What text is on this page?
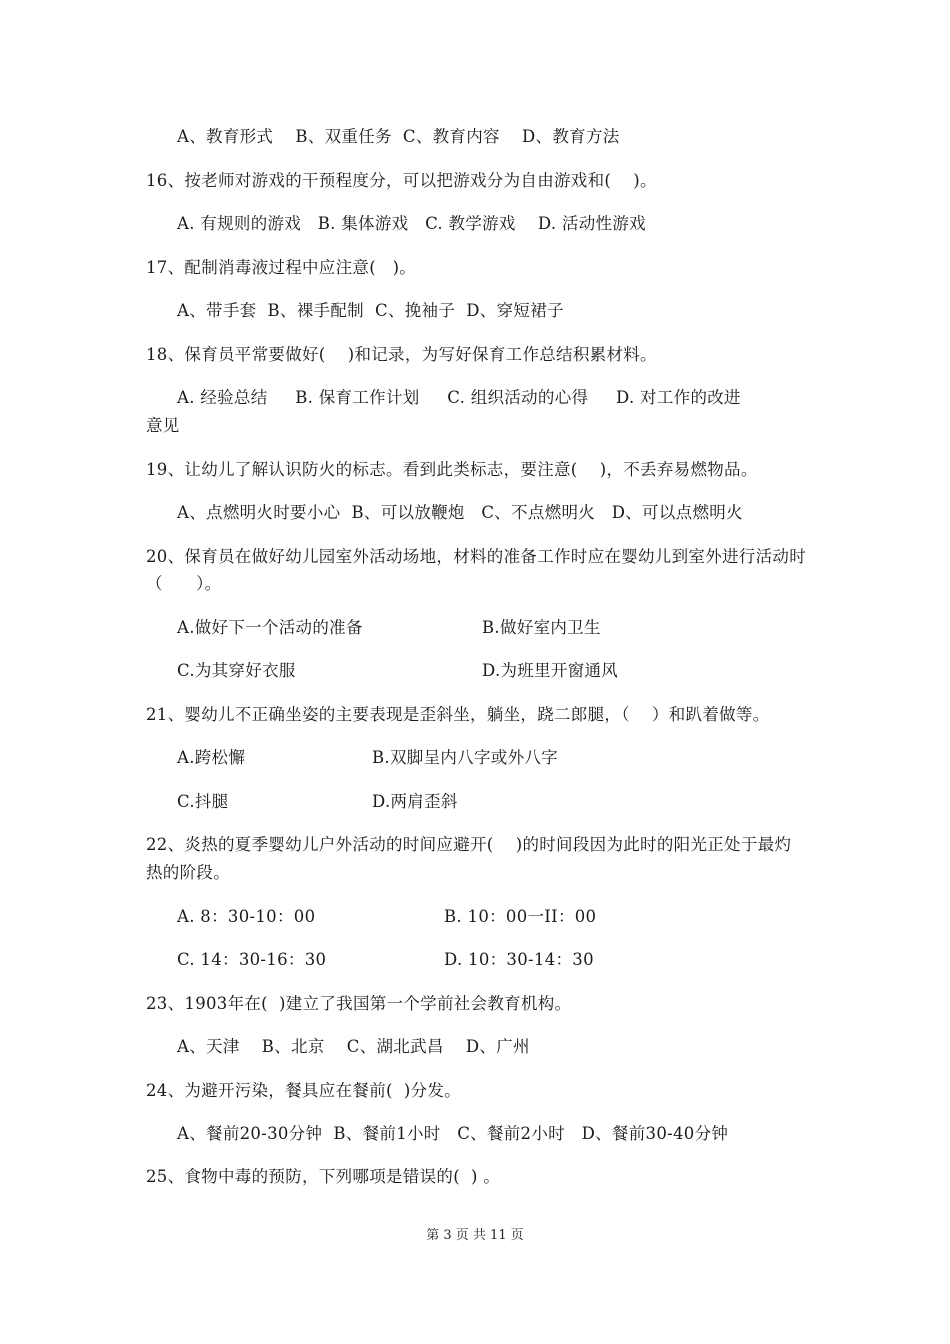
A、教育形式    B、双重任务  C、教育内容    D、教育方法
16、按老师对游戏的干预程度分，可以把游戏分为自由游戏和(    )。
A. 有规则的游戏   B. 集体游戏   C. 教学游戏    D. 活动性游戏
17、配制消毒液过程中应注意(   )。
A、带手套  B、裸手配制  C、挽袖子  D、穿短裙子
18、保育员平常要做好(    )和记录，为写好保育工作总结积累材料。
A. 经验总结     B. 保育工作计划     C. 组织活动的心得     D. 对工作的改进
意见
19、让幼儿了解认识防火的标志。看到此类标志，要注意(    )，不丢弃易燃物品。
A、点燃明火时要小心  B、可以放鞭炮   C、不点燃明火   D、可以点燃明火
20、保育员在做好幼儿园室外活动场地，材料的准备工作时应在婴幼儿到室外进行活动时
（      ）。
A.做好下一个活动的准备	B.做好室内卫生
C.为其穿好衣服	D.为班里开窗通风
21、婴幼儿不正确坐姿的主要表现是歪斜坐，躺坐，跷二郎腿，（    ）和趴着做等。
A.跨松懈	B.双脚呈内八字或外八字
C.抖腿	D.两肩歪斜
22、炎热的夏季婴幼儿户外活动的时间应避开(    )的时间段因为此时的阳光正处于最灼
热的阶段。
A. 8：30-10：00	B. 10：00一II：00
C. 14：30-16：30	D. 10：30-14：30
23、1903年在(  )建立了我国第一个学前社会教育机构。
A、天津    B、北京    C、湖北武昌    D、广州
24、为避开污染，餐具应在餐前(  )分发。
A、餐前20-30分钟  B、餐前1小时   C、餐前2小时   D、餐前30-40分钟
25、食物中毒的预防，下列哪项是错误的(  ) 。
第 3 页 共 11 页
